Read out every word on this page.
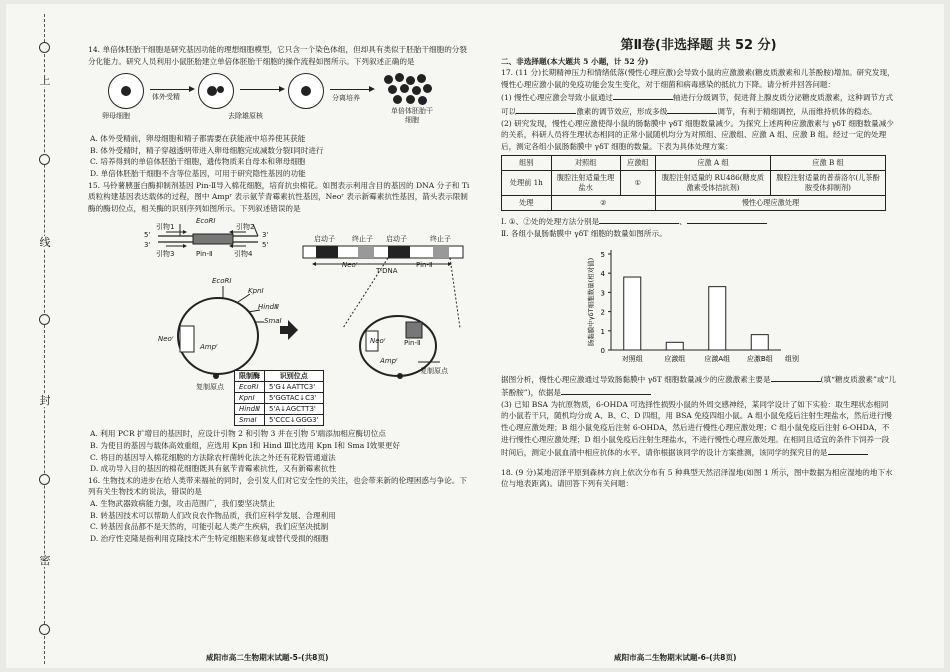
上
线
封
密

14. 单倍体胚胎干细胞是研究基因功能的理想细胞模型，它只含一个染色体组，但却具有类似于胚胎干细胞的分裂分化能力。研究人员利用小鼠胚胎建立单倍体胚胎干细胞的操作流程如图所示。下列叙述正确的是

卵母细胞
体外受精
去除雄原核
分离培养
单倍体胚胎干细胞

A. 体外受精前，卵母细胞和精子都需要在获能液中培养使其获能

B. 体外受精时，精子穿越透明带进入卵母细胞完成减数分裂Ⅰ同时进行

C. 培养得到的单倍体胚胎干细胞，遗传物质来自母本和卵母细胞

D. 单倍体胚胎干细胞不含等位基因，可用于研究隐性基因的功能

15. 马铃薯胰蛋白酶抑制剂基因 Pin-Ⅱ导入棉花细胞，培育抗虫棉花。如图表示利用含目的基因的 DNA 分子和 Ti 质粒构建基因表达载体的过程，图中 Ampʳ 表示氨苄青霉素抗性基因，Neoʳ 表示新霉素抗性基因，箭头表示限制酶的酶切位点，相关酶的识别序列如图所示。下列叙述错误的是

5'
3'
3'
5'
EcoRⅠ
引物1	引物2
引物3	Pin-Ⅱ	引物4
EcoRⅠ
KpnⅠ
HindⅢ
SmaⅠ
Neoʳ
Ampʳ
复制原点
启动子 终止子 启动子	终止子
Neoʳ
T-DNA
Pin-Ⅱ
Neoʳ	Pin-Ⅱ
Ampʳ
复制原点
限制酶	识别位点
EcoRⅠ	5'G↓AATTC3'
KpnⅠ	5'GGTAC↓C3'
HindⅢ	5'A↓AGCTT3'
SmaⅠ	5'CCC↓GGG3'

A. 利用 PCR 扩增目的基因时，应设计引物 2 和引物 3 并在引物 5'端添加相应酶切位点

B. 为使目的基因与载体高效重组，应选用 Kpn Ⅰ和 Hind Ⅲ比选用 Kpn Ⅰ和 Sma Ⅰ效果更好

C. 将目的基因导入棉花细胞的方法除农杆菌转化法之外还有花粉管通道法

D. 成功导入目的基因的棉花细胞既具有氨苄青霉素抗性，又有新霉素抗性

16. 生物技术的进步在给人类带来福祉的同时，会引发人们对它安全性的关注，也会带来新的伦理困惑与争论。下列有关生物技术的说法，错误的是

A. 生物武器致病能力强，攻击范围广，我们要坚决禁止

B. 转基因技术可以帮助人们改良农作物品质，我们应科学发展、合理利用

C. 转基因食品都不是天然的，可能引起人类产生疾病，我们应坚决抵制

D. 治疗性克隆是指利用克隆技术产生特定细胞来修复或替代受损的细胞

咸阳市高二生物期末试题-5-(共8页)

第Ⅱ卷(非选择题 共 52 分)

二、非选择题(本大题共 5 小题，计 52 分)

17. (11 分)长期精神压力和情绪低落(慢性心理应激)会导致小鼠的应激激素(糖皮质激素和儿茶酚胺)增加。研究发现，慢性心理应激小鼠的免疫功能会发生变化，对于细菌和病毒感染的抵抗力下降。请分析并回答问题：

(1) 慢性心理应激会导致小鼠通过	轴进行分级调节，促进肾上腺皮质分泌糖皮质激素，这种调节方式可以	激素的调节效应，形成多级	调节，有利于精细调控，从而维持机体的稳态。

(2) 研究发现，慢性心理应激使得小鼠的肠黏膜中 γδT 细胞数量减少。为探究上述两种应激激素与 γδT 细胞数量减少的关系，科研人员将生理状态相同的正常小鼠随机均分为对照组、应激组、应激 A 组、应激 B 组。经过一定的处理后，测定各组小鼠肠黏膜中 γδT 细胞的数量。下表为具体处理方案：

组别	对照组	应激组	应激 A 组	应激 B 组
处理前 1h	腹腔注射适量生理盐水	①	腹腔注射适量的 RU486(糖皮质激素受体拮抗剂)	腹腔注射适量的普萘洛尔(儿茶酚胺受体抑制剂)
处理	②		慢性心理应激处理	

Ⅰ. ①、②处的处理方法分别是	、

Ⅱ. 各组小鼠肠黏膜中 γδT 细胞的数量如图所示。

0
1
2
3
4
5
肠黏膜中γδT细胞数量(相对值)
对照组	应激组	应激A组 应激B组 组别

据图分析，慢性心理应激通过导致肠黏膜中 γδT 细胞数量减少的应激激素主要是	(填“糖皮质激素”或“儿茶酚胺”)，依据是

(3) 已知 BSA 为抗原物质，6-OHDA 可选择性损毁小鼠的外周交感神经，某同学设计了如下实验：取生理状态相同的小鼠若干只，随机均分成 A、B、C、D 四组，用 BSA 免疫四组小鼠。A 组小鼠免疫后注射生理盐水，然后进行慢性心理应激处理；B 组小鼠免疫后注射 6-OHDA，然后进行慢性心理应激处理；C 组小鼠免疫后注射 6-OHDA，不进行慢性心理应激处理；D 组小鼠免疫后注射生理盐水，不进行慢性心理应激处理。在相同且适宜的条件下饲养一段时间后，测定小鼠血清中相应抗体的水平。请你根据该同学的设计方案推测，该同学的探究目的是

18. (9 分)某地沼泽平原到森林方向上依次分布有 5 种典型天然沼泽湿地(如图 1 所示，图中数据为相应湿地的地下水位与地表距离)。请回答下列有关问题：

咸阳市高二生物期末试题-6-(共8页)
